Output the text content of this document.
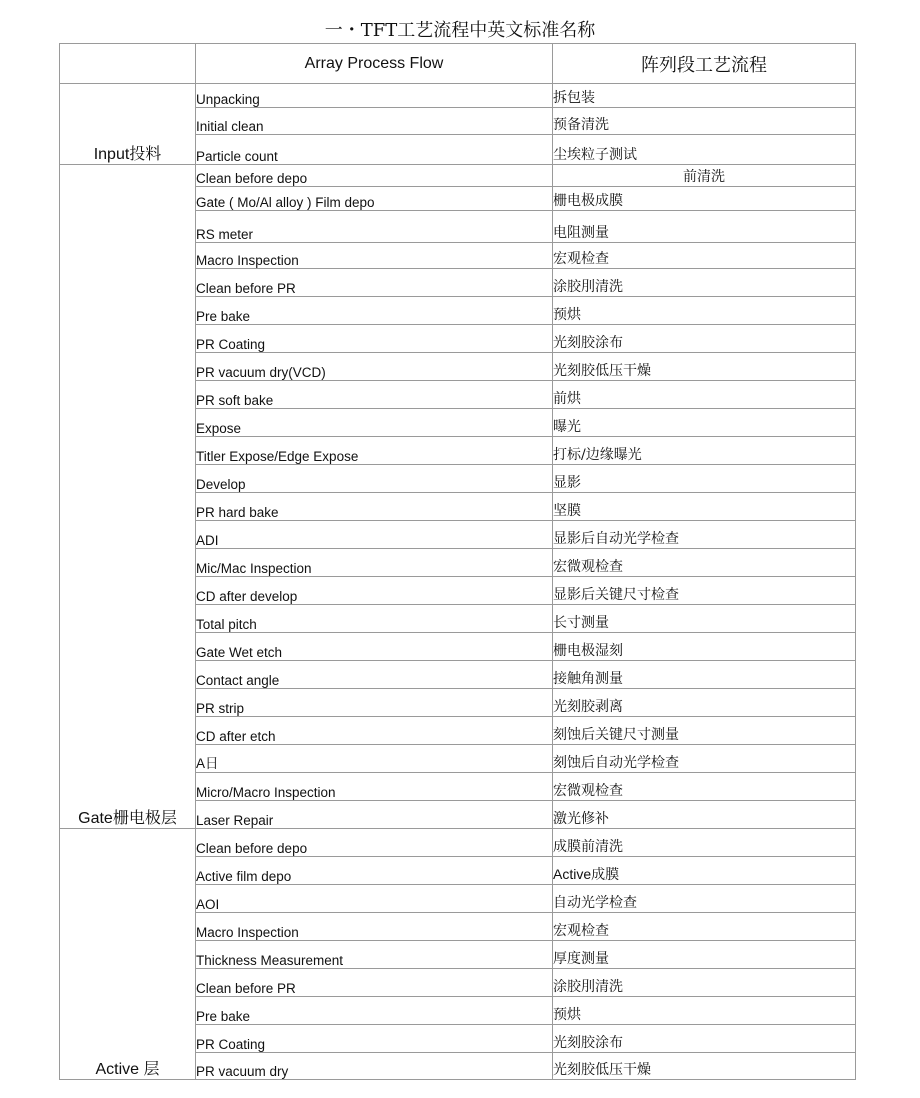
一・TFT工艺流程中英文标准名称
	Array Process Flow	阵列段工艺流程
Input投料	Unpacking	拆包装
	Initial clean	预备清洗
	Particle count	尘埃粒子测试
Gate栅电极层	Clean before depo	前清洗
	Gate ( Mo/Al alloy ) Film depo	栅电极成膜
	RS meter	电阻测量
	Macro Inspection	宏观检查
	Clean before PR	涂胶刖清洗
	Pre bake	预烘
	PR Coating	光刻胶涂布
	PR vacuum dry(VCD)	光刻胶低压干燥
	PR soft bake	前烘
	Expose	曝光
	Titler Expose/Edge Expose	打标/边缘曝光
	Develop	显影
	PR hard bake	坚膜
	ADI	显影后自动光学检查
	Mic/Mac Inspection	宏微观检查
	CD after develop	显影后关键尺寸检查
	Total pitch	长寸测量
	Gate Wet etch	栅电极湿刻
	Contact angle	接触角测量
	PR strip	光刻胶剥离
	CD after etch	刻蚀后关键尺寸测量
	A日	刻蚀后自动光学检查
	Micro/Macro Inspection	宏微观检查
	Laser Repair	激光修补
Active 层	Clean before depo	成膜前清洗
	Active film depo	Active成膜
	AOI	自动光学检查
	Macro Inspection	宏观检查
	Thickness Measurement	厚度测量
	Clean before PR	涂胶刖清洗
	Pre bake	预烘
	PR Coating	光刻胶涂布
	PR vacuum dry	光刻胶低压干燥
